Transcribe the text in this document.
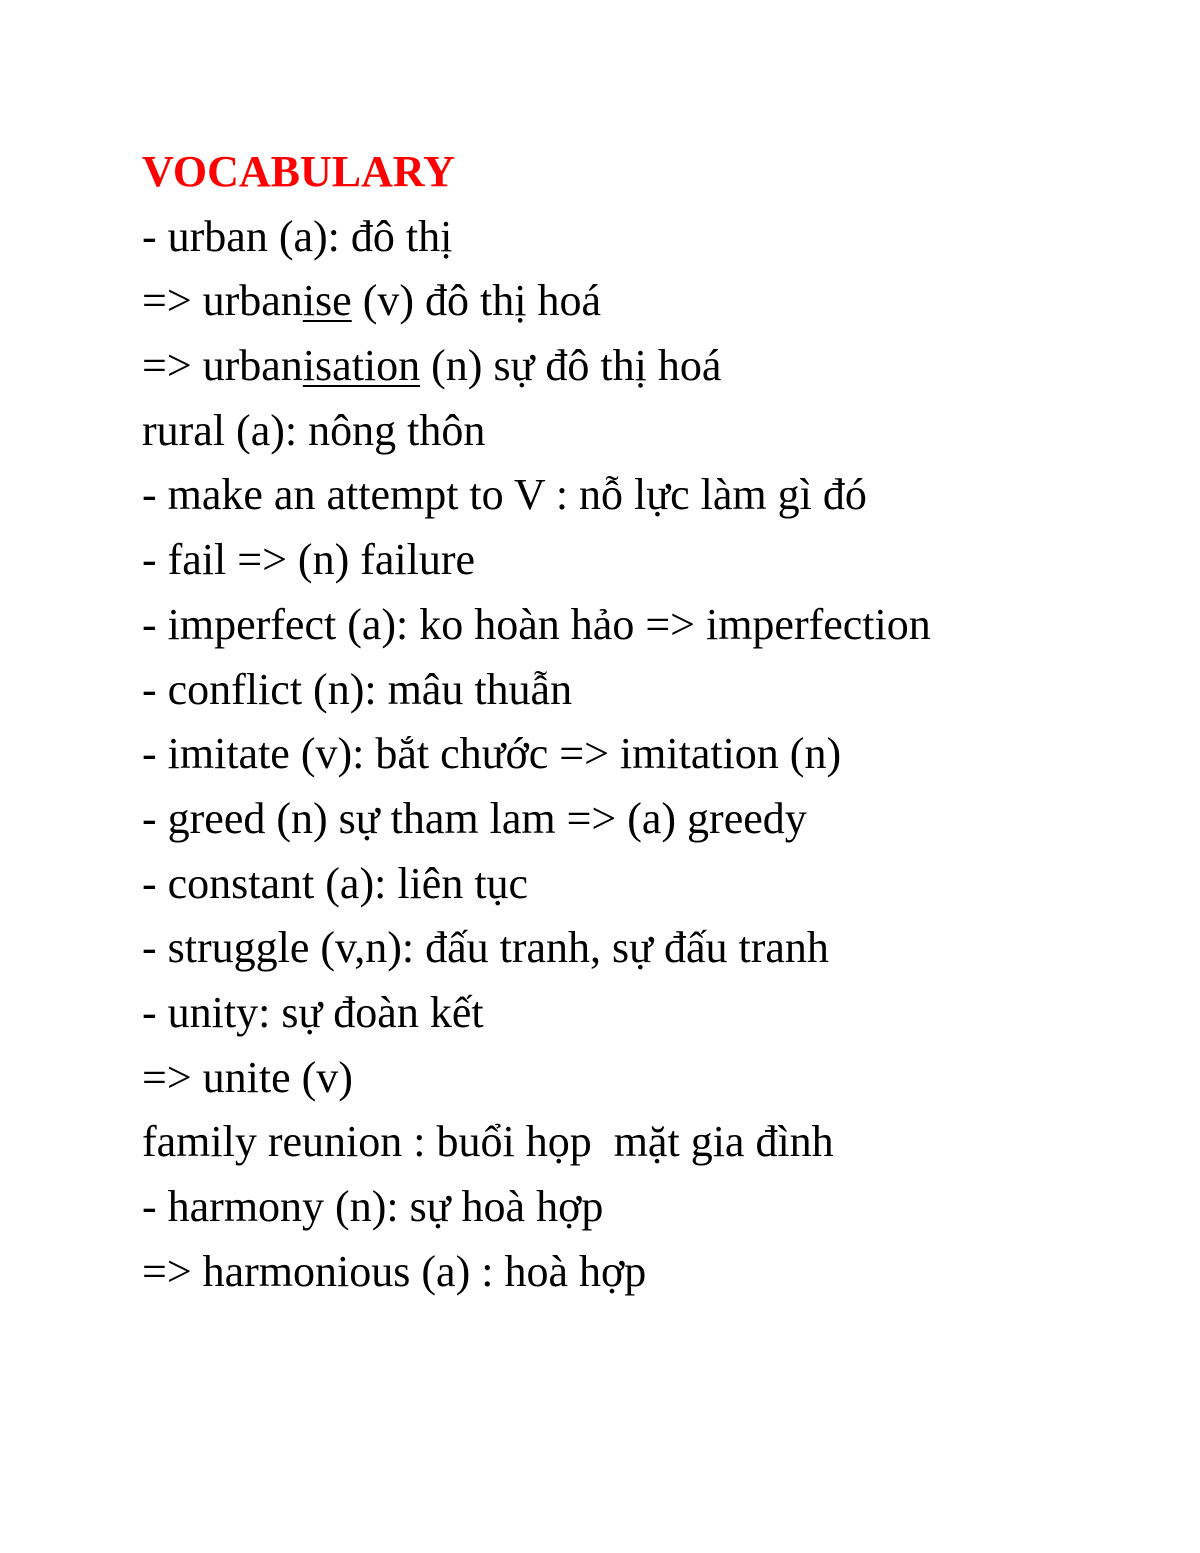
VOCABULARY
- urban (a): đô thị
=> urbanise (v) đô thị hoá
=> urbanisation (n) sự đô thị hoá
rural (a): nông thôn
- make an attempt to V : nỗ lực làm gì đó
- fail => (n) failure
- imperfect (a): ko hoàn hảo => imperfection
- conflict (n): mâu thuẫn
- imitate (v): bắt chước => imitation (n)
- greed (n) sự tham lam => (a) greedy
- constant (a): liên tục
- struggle (v,n): đấu tranh, sự đấu tranh
- unity: sự đoàn kết
=> unite (v)
family reunion : buổi họp  mặt gia đình
- harmony (n): sự hoà hợp
=> harmonious (a) : hoà hợp
